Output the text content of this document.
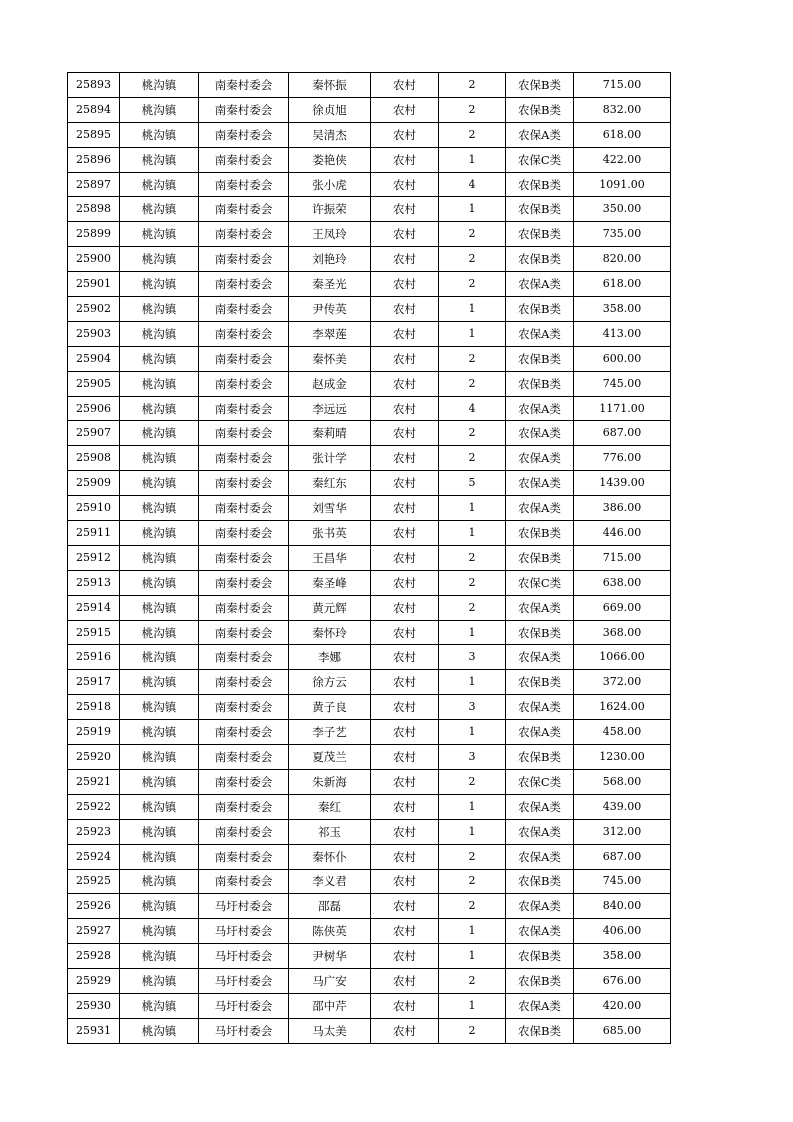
25893	桃沟镇	南秦村委会	秦怀振	农村	2	农保B类	715.00
25894	桃沟镇	南秦村委会	徐贞旭	农村	2	农保B类	832.00
25895	桃沟镇	南秦村委会	吴清杰	农村	2	农保A类	618.00
25896	桃沟镇	南秦村委会	娄艳侠	农村	1	农保C类	422.00
25897	桃沟镇	南秦村委会	张小虎	农村	4	农保B类	1091.00
25898	桃沟镇	南秦村委会	许振荣	农村	1	农保B类	350.00
25899	桃沟镇	南秦村委会	王凤玲	农村	2	农保B类	735.00
25900	桃沟镇	南秦村委会	刘艳玲	农村	2	农保B类	820.00
25901	桃沟镇	南秦村委会	秦圣光	农村	2	农保A类	618.00
25902	桃沟镇	南秦村委会	尹传英	农村	1	农保B类	358.00
25903	桃沟镇	南秦村委会	李翠莲	农村	1	农保A类	413.00
25904	桃沟镇	南秦村委会	秦怀美	农村	2	农保B类	600.00
25905	桃沟镇	南秦村委会	赵成金	农村	2	农保B类	745.00
25906	桃沟镇	南秦村委会	李远远	农村	4	农保A类	1171.00
25907	桃沟镇	南秦村委会	秦莉晴	农村	2	农保A类	687.00
25908	桃沟镇	南秦村委会	张计学	农村	2	农保A类	776.00
25909	桃沟镇	南秦村委会	秦红东	农村	5	农保A类	1439.00
25910	桃沟镇	南秦村委会	刘雪华	农村	1	农保A类	386.00
25911	桃沟镇	南秦村委会	张书英	农村	1	农保B类	446.00
25912	桃沟镇	南秦村委会	王昌华	农村	2	农保B类	715.00
25913	桃沟镇	南秦村委会	秦圣峰	农村	2	农保C类	638.00
25914	桃沟镇	南秦村委会	黄元辉	农村	2	农保A类	669.00
25915	桃沟镇	南秦村委会	秦怀玲	农村	1	农保B类	368.00
25916	桃沟镇	南秦村委会	李娜	农村	3	农保A类	1066.00
25917	桃沟镇	南秦村委会	徐方云	农村	1	农保B类	372.00
25918	桃沟镇	南秦村委会	黄子良	农村	3	农保A类	1624.00
25919	桃沟镇	南秦村委会	李子艺	农村	1	农保A类	458.00
25920	桃沟镇	南秦村委会	夏茂兰	农村	3	农保B类	1230.00
25921	桃沟镇	南秦村委会	朱新海	农村	2	农保C类	568.00
25922	桃沟镇	南秦村委会	秦红	农村	1	农保A类	439.00
25923	桃沟镇	南秦村委会	祁玉	农村	1	农保A类	312.00
25924	桃沟镇	南秦村委会	秦怀仆	农村	2	农保A类	687.00
25925	桃沟镇	南秦村委会	李义君	农村	2	农保B类	745.00
25926	桃沟镇	马圩村委会	邵磊	农村	2	农保A类	840.00
25927	桃沟镇	马圩村委会	陈侠英	农村	1	农保A类	406.00
25928	桃沟镇	马圩村委会	尹树华	农村	1	农保B类	358.00
25929	桃沟镇	马圩村委会	马广安	农村	2	农保B类	676.00
25930	桃沟镇	马圩村委会	邵中芹	农村	1	农保A类	420.00
25931	桃沟镇	马圩村委会	马太美	农村	2	农保B类	685.00
